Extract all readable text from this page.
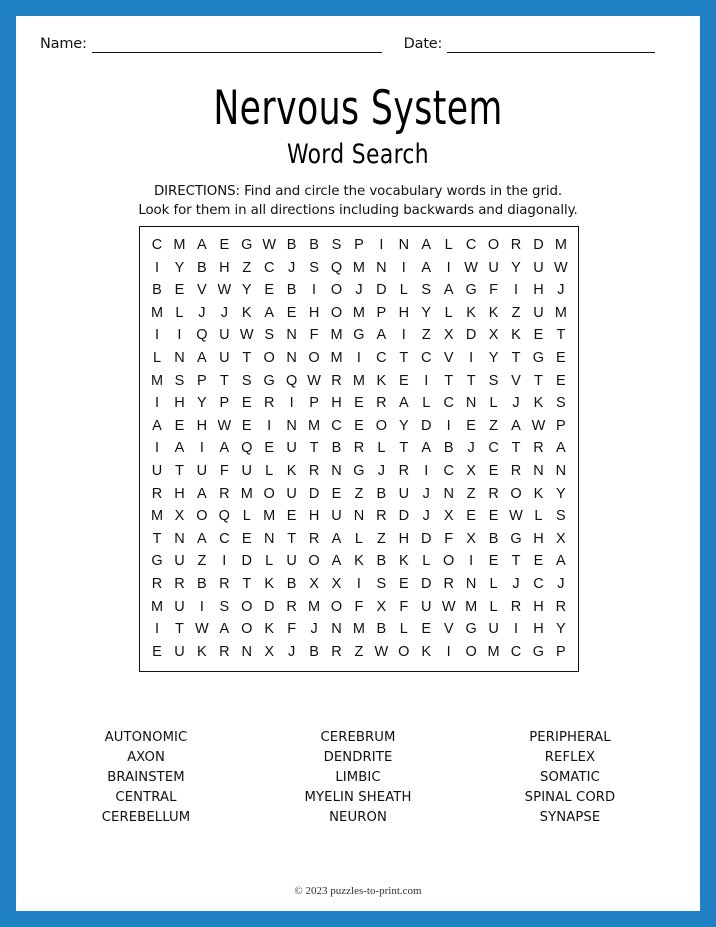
Name:	Date:
Nervous System
Word Search
DIRECTIONS: Find and circle the vocabulary words in the grid.
Look for them in all directions including backwards and diagonally.
C M A E G W B B S P	I	N A L C O R D M
I	Y B H Z C J S Q M N	I	A	I W U Y U W
B E V W Y E B	I	O J D L S A G F	I	H J
M L	J	J K A E H O M P H Y L K K Z U M
I	I	Q U W S N F M G A	I	Z X D X K E T
L N A U T O N O M I	C T C V	I	Y T G E
M S P T S G Q W R M K E	I	T T S V T E
I	H Y P E R	I	P H E R A L C N L	J K S
A E H W E	I	N M C E O Y D	I	E Z A W P
I	A	I	A Q E U T B R L T A B J C T R A
U T U F U L K R N G J R	I	C X E R N N
R H A R M O U D E Z B U J N Z R O K Y
M X O Q L M E H U N R D J X E E W L S
T N A C E N T R A L Z H D F X B G H X
G U Z	I	D L U O A K B K L O	I	E T E A
R R B R T K B X X	I	S E D R N L	J C J
M U	I	S O D R M O F X F U W M L R H R
I	T W A O K F J N M B L E V G U	I	H Y
E U K R N X J B R Z W O K	I	O M C G P
AUTONOMIC
AXON
BRAINSTEM
CENTRAL
CEREBELLUM
CEREBRUM
DENDRITE
LIMBIC
MYELIN SHEATH
NEURON
PERIPHERAL
REFLEX
SOMATIC
SPINAL CORD
SYNAPSE
© 2023 puzzles-to-print.com
